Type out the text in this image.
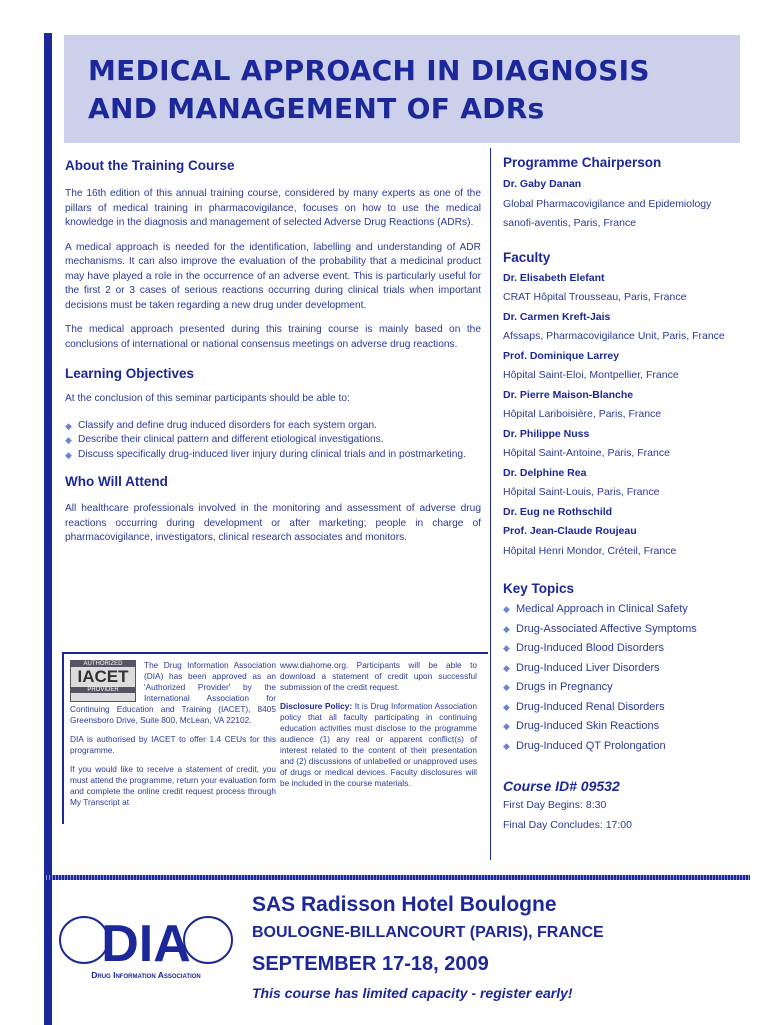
MEDICAL APPROACH IN DIAGNOSIS
AND MANAGEMENT OF ADRs
About the Training Course

The 16th edition of this annual training course, considered by many experts as one of the pillars of medical training in pharmacovigilance, focuses on how to use the medical knowledge in the diagnosis and management of selected Adverse Drug Reactions (ADRs).

A medical approach is needed for the identification, labelling and understanding of ADR mechanisms. It can also improve the evaluation of the probability that a medicinal product may have played a role in the occurrence of an adverse event. This is particularly useful for the first 2 or 3 cases of serious reactions occurring during clinical trials when important decisions must be taken regarding a new drug under development.

The medical approach presented during this training course is mainly based on the conclusions of international or national consensus meetings on adverse drug reactions.

Learning Objectives

At the conclusion of this seminar participants should be able to:

◆ Classify and define drug induced disorders for each system organ.
◆ Describe their clinical pattern and different etiological investigations.
◆ Discuss specifically drug-induced liver injury during clinical trials and in postmarketing.
Who Will Attend

All healthcare professionals involved in the monitoring and assessment of adverse drug reactions occurring during development or after marketing; people in charge of pharmacovigilance, investigators, clinical research associates and monitors.

AUTHORIZED
IACET
PROVIDER

The Drug Information Association (DIA) has been approved as an 'Authorized Provider' by the International Association for Continuing Education and Training (IACET), 8405 Greensboro Drive, Suite 800, McLean, VA 22102.

DIA is authorised by IACET to offer 1.4 CEUs for this programme.

If you would like to receive a statement of credit, you must attend the programme, return your evaluation form and complete the online credit request process through My Transcript at

www.diahome.org. Participants will be able to download a statement of credit upon successful submission of the credit request.

Disclosure Policy: It is Drug Information Association policy that all faculty participating in continuing education activities must disclose to the programme audience (1) any real or apparent conflict(s) of interest related to the content of their presentation and (2) discussions of unlabelled or unapproved uses of drugs or medical devices. Faculty disclosures will be included in the course materials.

Programme Chairperson
Dr. Gaby Danan
Global Pharmacovigilance and Epidemiology
sanofi-aventis, Paris, France
Faculty
Dr. Elisabeth Elefant
CRAT Hôpital Trousseau, Paris, France
Dr. Carmen Kreft-Jais
Afssaps, Pharmacovigilance Unit, Paris, France
Prof. Dominique Larrey
Hôpital Saint-Eloi, Montpellier, France
Dr. Pierre Maison-Blanche
Hôpital Lariboisière, Paris, France
Dr. Philippe Nuss
Hôpital Saint-Antoine, Paris, France
Dr. Delphine Rea
Hôpital Saint-Louis, Paris, France
Dr. Eug ne Rothschild
Prof. Jean-Claude Roujeau
Hôpital Henri Mondor, Créteil, France
Key Topics
◆ Medical Approach in Clinical Safety
◆ Drug-Associated Affective Symptoms
◆ Drug-Induced Blood Disorders
◆ Drug-Induced Liver Disorders
◆ Drugs in Pregnancy
◆ Drug-Induced Renal Disorders
◆ Drug-Induced Skin Reactions
◆ Drug-Induced QT Prolongation
Course ID# 09532
First Day Begins: 8:30
Final Day Concludes: 17:00
DIA
Drug Information Association
SAS Radisson Hotel Boulogne
BOULOGNE-BILLANCOURT (PARIS), FRANCE
SEPTEMBER 17-18, 2009
This course has limited capacity - register early!
